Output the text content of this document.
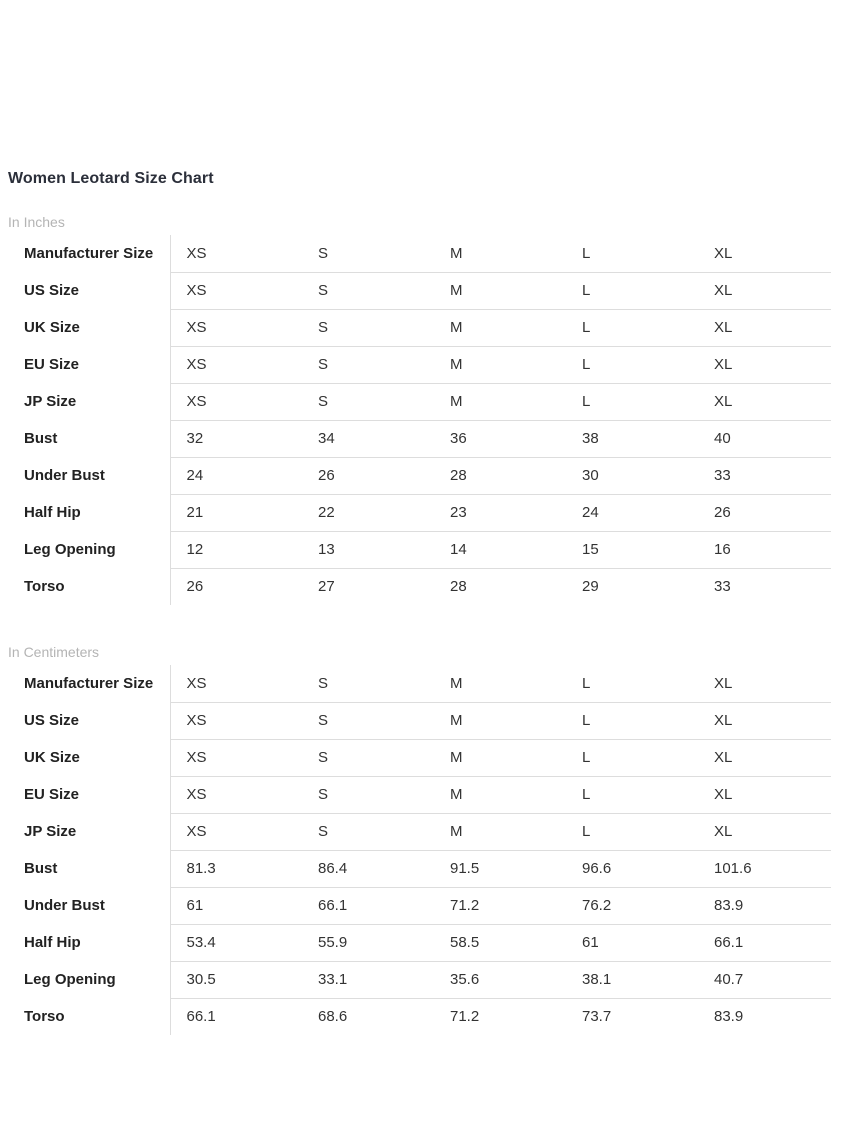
Women Leotard Size Chart
In Inches
Manufacturer Size	XS	S	M	L	XL
US Size	XS	S	M	L	XL
UK Size	XS	S	M	L	XL
EU Size	XS	S	M	L	XL
JP Size	XS	S	M	L	XL
Bust	32	34	36	38	40
Under Bust	24	26	28	30	33
Half Hip	21	22	23	24	26
Leg Opening	12	13	14	15	16
Torso	26	27	28	29	33
In Centimeters
Manufacturer Size	XS	S	M	L	XL
US Size	XS	S	M	L	XL
UK Size	XS	S	M	L	XL
EU Size	XS	S	M	L	XL
JP Size	XS	S	M	L	XL
Bust	81.3	86.4	91.5	96.6	101.6
Under Bust	61	66.1	71.2	76.2	83.9
Half Hip	53.4	55.9	58.5	61	66.1
Leg Opening	30.5	33.1	35.6	38.1	40.7
Torso	66.1	68.6	71.2	73.7	83.9
